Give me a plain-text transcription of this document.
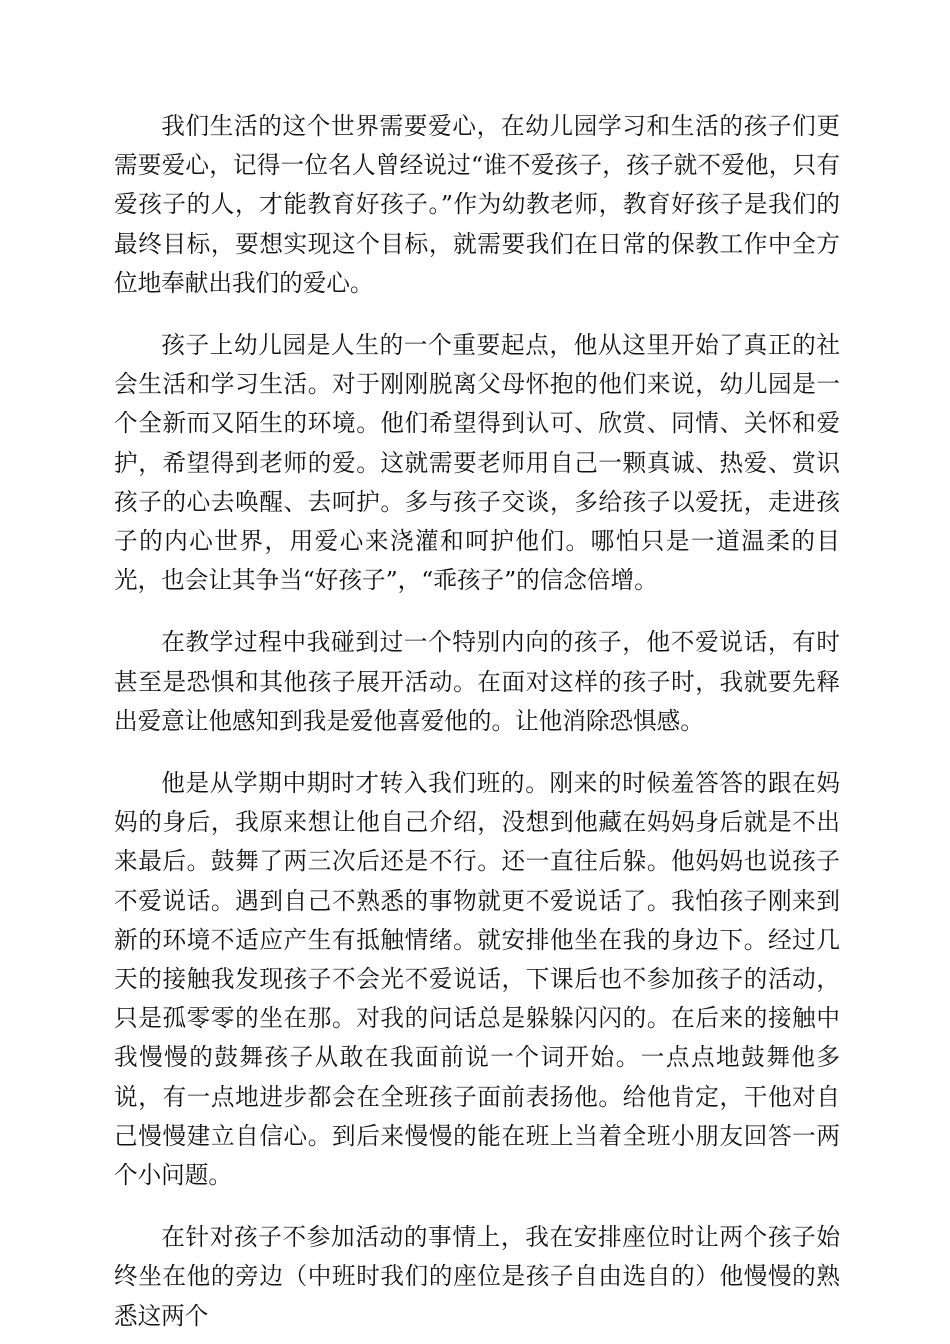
我们生活的这个世界需要爱心，在幼儿园学习和生活的孩子们更需要爱心，记得一位名人曾经说过“谁不爱孩子，孩子就不爱他，只有爱孩子的人，才能教育好孩子。”作为幼教老师，教育好孩子是我们的最终目标，要想实现这个目标，就需要我们在日常的保教工作中全方位地奉献出我们的爱心。

孩子上幼儿园是人生的一个重要起点，他从这里开始了真正的社会生活和学习生活。对于刚刚脱离父母怀抱的他们来说，幼儿园是一个全新而又陌生的环境。他们希望得到认可、欣赏、同情、关怀和爱护，希望得到老师的爱。这就需要老师用自己一颗真诚、热爱、赏识孩子的心去唤醒、去呵护。多与孩子交谈，多给孩子以爱抚，走进孩子的内心世界，用爱心来浇灌和呵护他们。哪怕只是一道温柔的目光，也会让其争当“好孩子”，“乖孩子”的信念倍增。

在教学过程中我碰到过一个特别内向的孩子，他不爱说话，有时甚至是恐惧和其他孩子展开活动。在面对这样的孩子时，我就要先释出爱意让他感知到我是爱他喜爱他的。让他消除恐惧感。

他是从学期中期时才转入我们班的。刚来的时候羞答答的跟在妈妈的身后，我原来想让他自己介绍，没想到他藏在妈妈身后就是不出来最后。鼓舞了两三次后还是不行。还一直往后躲。他妈妈也说孩子不爱说话。遇到自己不熟悉的事物就更不爱说话了。我怕孩子刚来到新的环境不适应产生有抵触情绪。就安排他坐在我的身边下。经过几天的接触我发现孩子不会光不爱说话，下课后也不参加孩子的活动，只是孤零零的坐在那。对我的问话总是躲躲闪闪的。在后来的接触中我慢慢的鼓舞孩子从敢在我面前说一个词开始。一点点地鼓舞他多说，有一点地进步都会在全班孩子面前表扬他。给他肯定，干他对自己慢慢建立自信心。到后来慢慢的能在班上当着全班小朋友回答一两个小问题。

在针对孩子不参加活动的事情上，我在安排座位时让两个孩子始终坐在他的旁边（中班时我们的座位是孩子自由选自的）他慢慢的熟悉这两个
